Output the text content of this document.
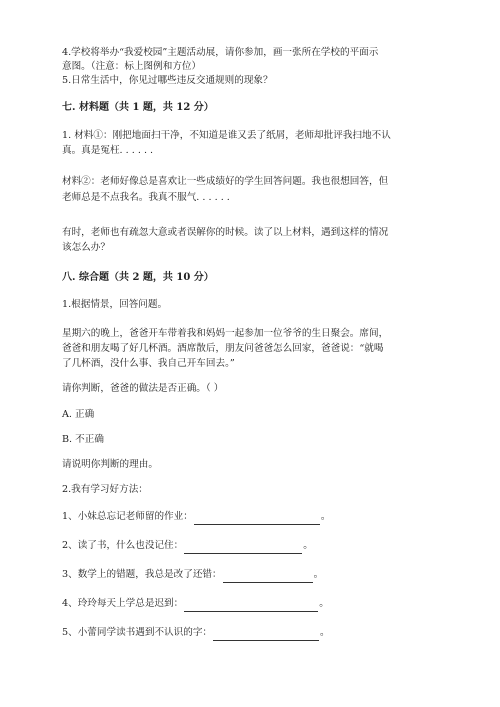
4.学校将举办“我爱校园”主题活动展，请你参加，画一张所在学校的平面示
意图。（注意：标上图例和方位）
5.日常生活中，你见过哪些违反交通规则的现象？
七. 材料题（共 1 题，共 12 分）
1. 材料①：刚把地面扫干净，不知道是谁又丢了纸屑，老师却批评我扫地不认
真。真是冤枉. . . . . .
材料②：老师好像总是喜欢让一些成绩好的学生回答问题。我也很想回答，但
老师总是不点我名。我真不服气. . . . . .
有时，老师也有疏忽大意或者误解你的时候。读了以上材料，遇到这样的情况
该怎么办？
八. 综合题（共 2 题，共 10 分）
1.根据情景，回答问题。
星期六的晚上，爸爸开车带着我和妈妈一起参加一位爷爷的生日聚会。席间，
爸爸和朋友喝了好几杯酒。酒席散后，朋友问爸爸怎么回家，爸爸说：“就喝
了几杯酒，没什么事、我自己开车回去。”
请你判断，爸爸的做法是否正确。（ ）
A. 正确
B. 不正确
请说明你判断的理由。
2.我有学习好方法：
1、小妹总忘记老师留的作业：	。
2、读了书，什么也没记住：	。
3、数学上的错题，我总是改了还错：	。
4、玲玲每天上学总是迟到：	。
5、小蕾同学读书遇到不认识的字：	。
